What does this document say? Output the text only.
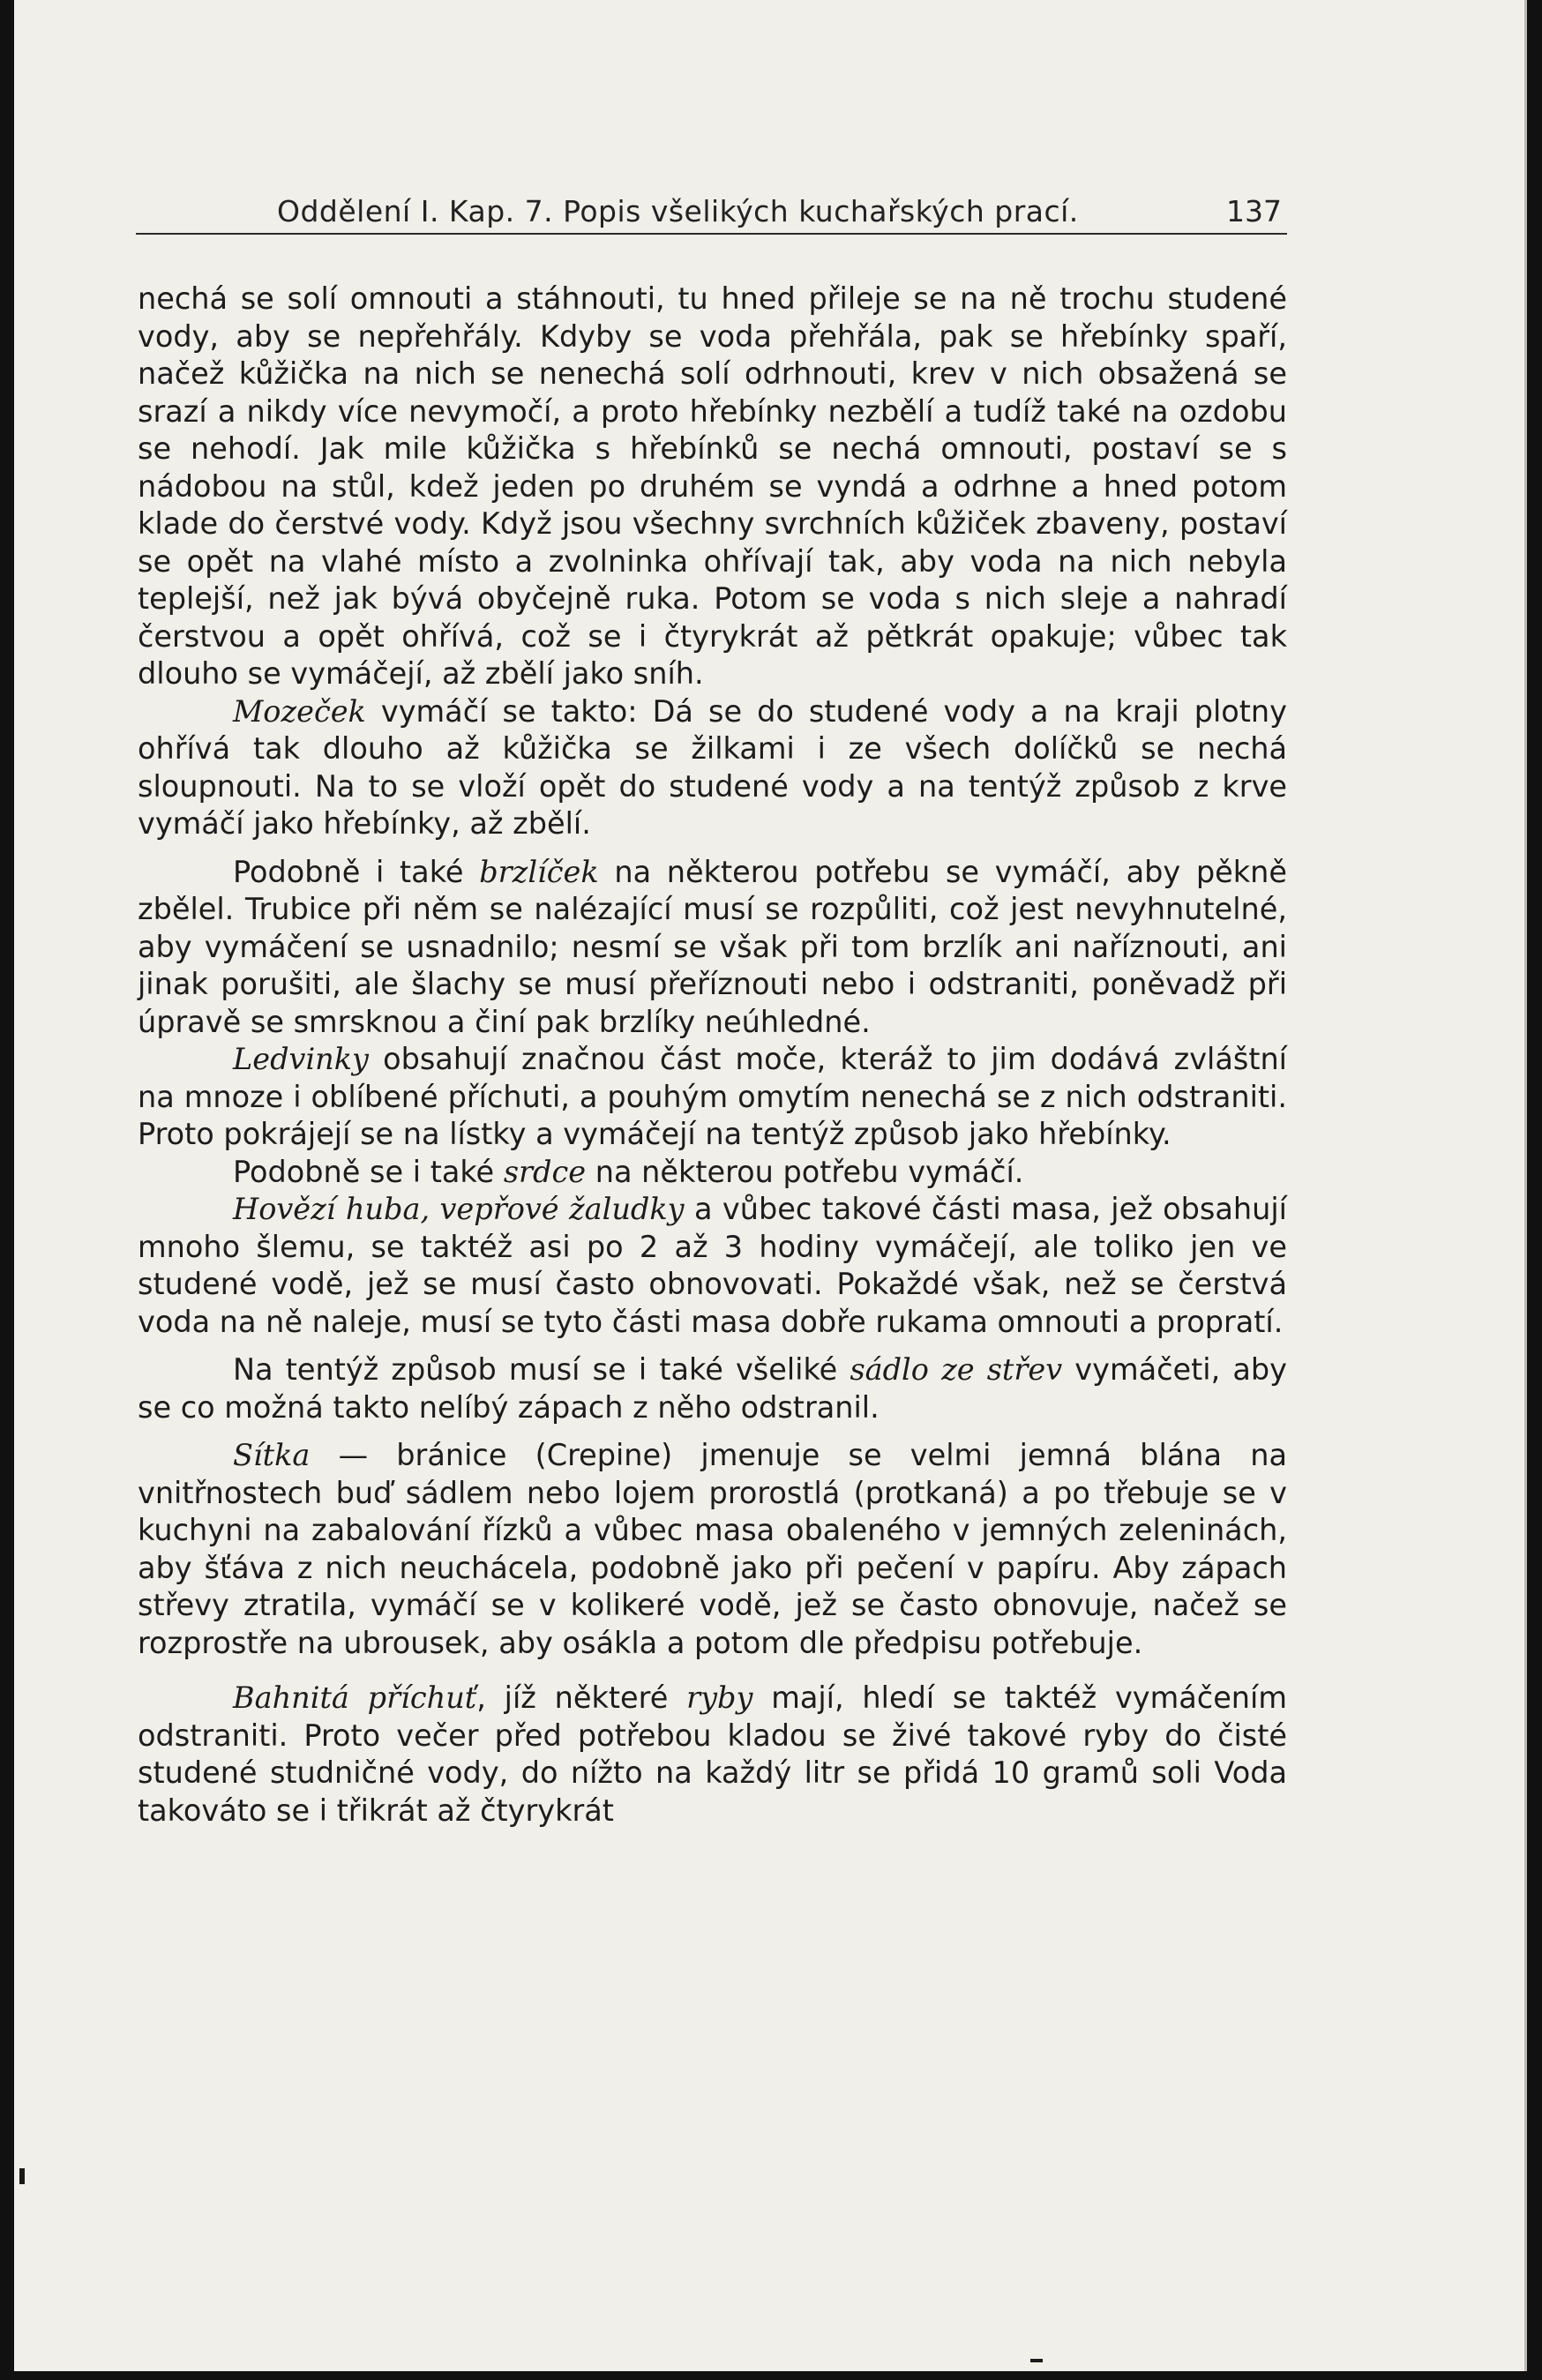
Oddělení I. Kap. 7. Popis všelikých kuchařských prací.	137

nechá se solí omnouti a stáhnouti, tu hned přileje se na ně trochu studené vody, aby se nepřehřály. Kdyby se voda přehřála, pak se hřebínky spaří, načež kůžička na nich se nenechá solí odrhnouti, krev v nich obsažená se srazí a nikdy více nevymočí, a proto hřebínky nezbělí a tudíž také na ozdobu se nehodí. Jak mile kůžička s hřebínků se nechá omnouti, postaví se s nádobou na stůl, kdež jeden po druhém se vyndá a odrhne a hned potom klade do čerstvé vody. Když jsou všechny svrchních kůžiček zbaveny, postaví se opět na vlahé místo a zvolninka ohřívají tak, aby voda na nich nebyla teplejší, než jak bývá obyčejně ruka. Potom se voda s nich sleje a nahradí čerstvou a opět ohřívá, což se i čtyrykrát až pětkrát opakuje; vůbec tak dlouho se vymáčejí, až zbělí jako sníh.

Mozeček vymáčí se takto: Dá se do studené vody a na kraji plotny ohřívá tak dlouho až kůžička se žilkami i ze všech dolíčků se nechá sloupnouti. Na to se vloží opět do studené vody a na tentýž způsob z krve vymáčí jako hřebínky, až zbělí.

Podobně i také brzlíček na některou potřebu se vymáčí, aby pěkně zbělel. Trubice při něm se nalézající musí se rozpůliti, což jest nevyhnutelné, aby vymáčení se usnadnilo; nesmí se však při tom brzlík ani naříznouti, ani jinak porušiti, ale šlachy se musí přeříznouti nebo i odstraniti, poněvadž při úpravě se smrsknou a činí pak brzlíky neúhledné.

Ledvinky obsahují značnou část moče, kteráž to jim dodává zvláštní na mnoze i oblíbené příchuti, a pouhým omytím nenechá se z nich odstraniti. Proto pokrájejí se na lístky a vymáčejí na tentýž způsob jako hřebínky.

Podobně se i také srdce na některou potřebu vymáčí.

Hovězí huba, vepřové žaludky a vůbec takové části masa, jež obsahují mnoho šlemu, se taktéž asi po 2 až 3 hodiny vymáčejí, ale toliko jen ve studené vodě, jež se musí často obnovovati. Pokaždé však, než se čerstvá voda na ně naleje, musí se tyto části masa dobře rukama omnouti a propratí.

Na tentýž způsob musí se i také všeliké sádlo ze střev vymáčeti, aby se co možná takto nelíbý zápach z něho odstranil.

Sítka — bránice (Crepine) jmenuje se velmi jemná blána na vnitřnostech buď sádlem nebo lojem prorostlá (protkaná) a po třebuje se v kuchyni na zabalování řízků a vůbec masa obaleného v jemných zeleninách, aby šťáva z nich neuchácela, podobně jako při pečení v papíru. Aby zápach střevy ztratila, vymáčí se v kolikeré vodě, jež se často obnovuje, načež se rozprostře na ubrousek, aby osákla a potom dle předpisu potřebuje.

Bahnitá příchuť, jíž některé ryby mají, hledí se taktéž vymáčením odstraniti. Proto večer před potřebou kladou se živé takové ryby do čisté studené studničné vody, do nížto na každý litr se přidá 10 gramů soli Voda takováto se i třikrát až čtyrykrát
